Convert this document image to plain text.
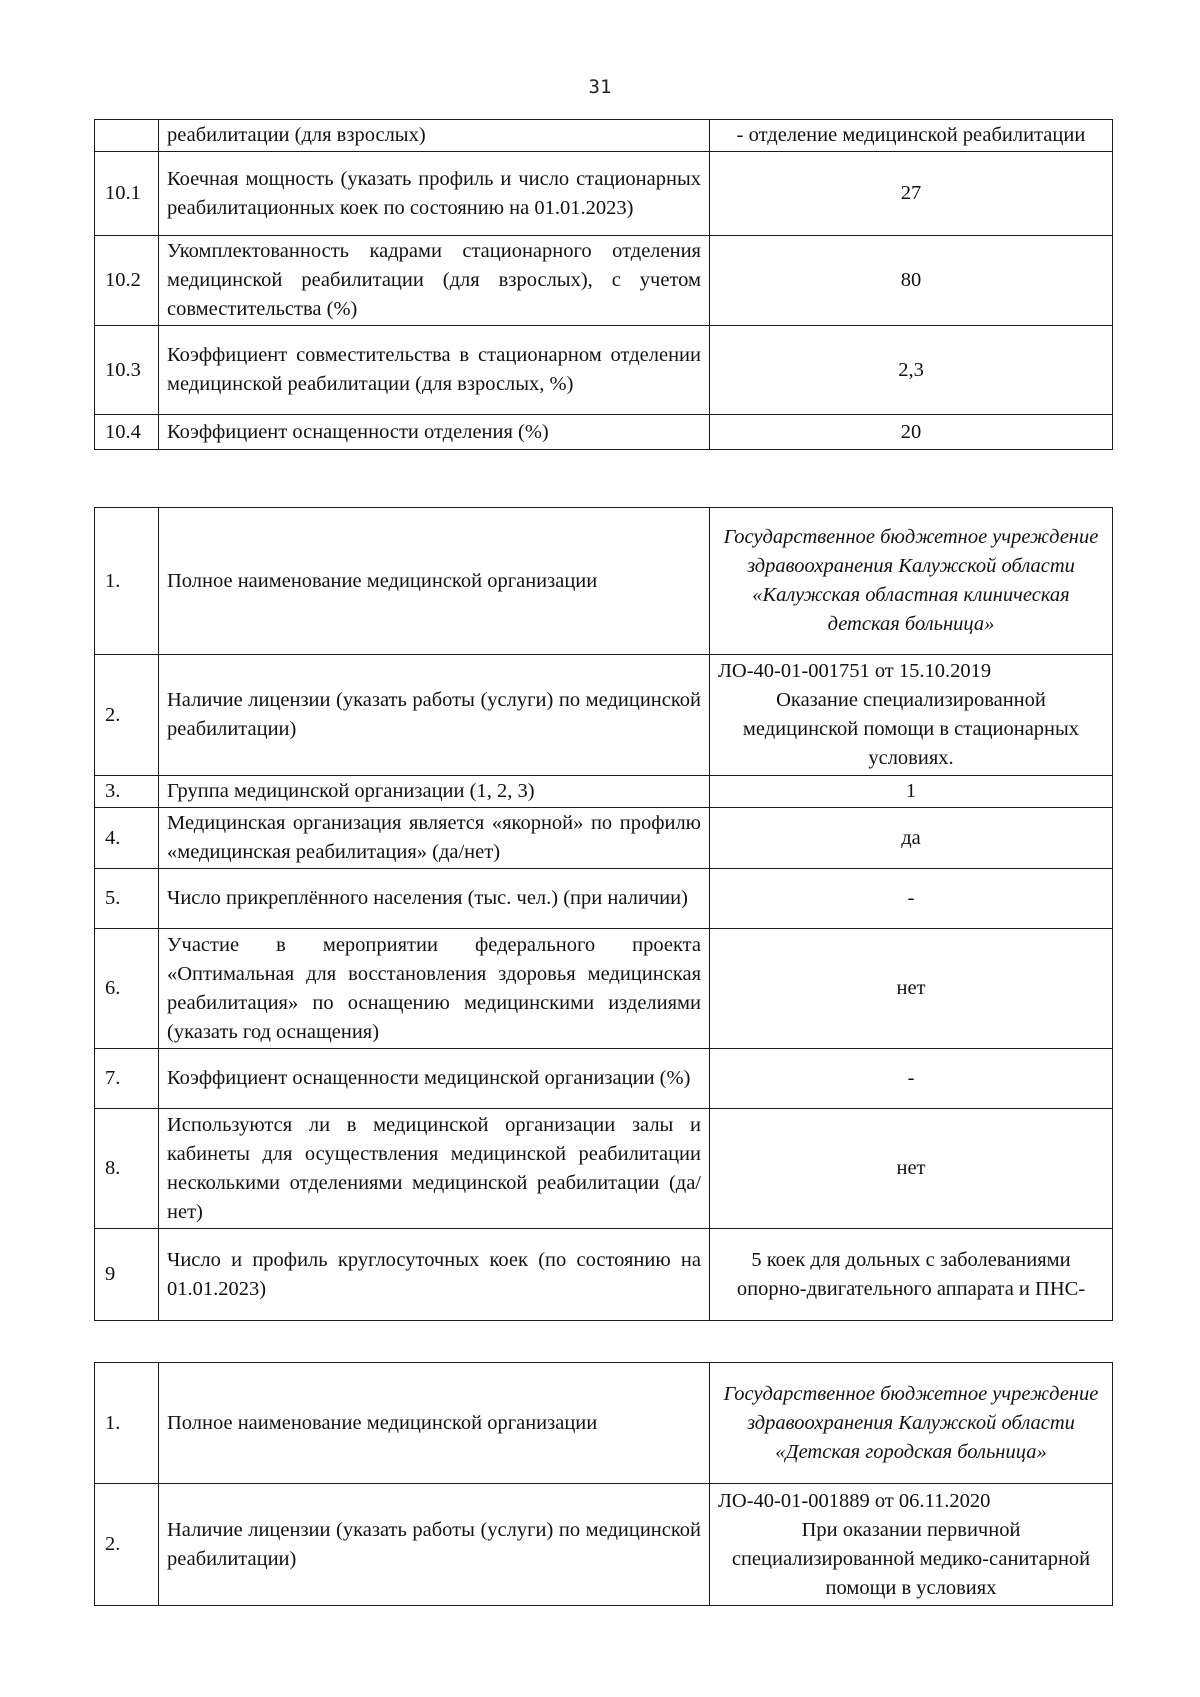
31
	реабилитации (для взрослых)	- отделение медицинской реабилитации
10.1	Коечная мощность (указать профиль и число стационарных реабилитационных коек по состоянию на 01.01.2023)	27
10.2	Укомплектованность кадрами стационарного отделения медицинской реабилитации (для взрослых), с учетом совместительства (%)	80
10.3	Коэффициент совместительства в стационарном отделении медицинской реабилитации (для взрослых, %)	2,3
10.4	Коэффициент оснащенности отделения (%)	20
1.	Полное наименование медицинской организации	Государственное бюджетное учреждение здравоохранения Калужской области «Калужская областная клиническая детская больница»
2.	Наличие лицензии (указать работы (услуги) по медицинской реабилитации)	ЛО-40-01-001751 от 15.10.2019
Оказание специализированной медицинской помощи в стационарных условиях.

3.	Группа медицинской организации (1, 2, 3)	1
4.	Медицинская организация является «якорной» по профилю «медицинская реабилитация» (да/нет)	да
5.	Число прикреплённого населения (тыс. чел.) (при наличии)	-
6.	Участие в мероприятии федерального проекта «Оптимальная для восстановления здоровья медицинская реабилитация» по оснащению медицинскими изделиями (указать год оснащения)	нет
7.	Коэффициент оснащенности медицинской организации (%)	-
8.	Используются ли в медицинской организации залы и кабинеты для осуществления медицинской реабилитации несколькими отделениями медицинской реабилитации (да/нет)	нет
9	Число и профиль круглосуточных коек (по состоянию на 01.01.2023)	5 коек для дольных с заболеваниями опорно-двигательного аппарата и ПНС-
1.	Полное наименование медицинской организации	Государственное бюджетное учреждение здравоохранения Калужской области «Детская городская больница»
2.	Наличие лицензии (указать работы (услуги) по медицинской реабилитации)	ЛО-40-01-001889 от 06.11.2020
При оказании первичной специализированной медико-санитарной помощи в условиях
